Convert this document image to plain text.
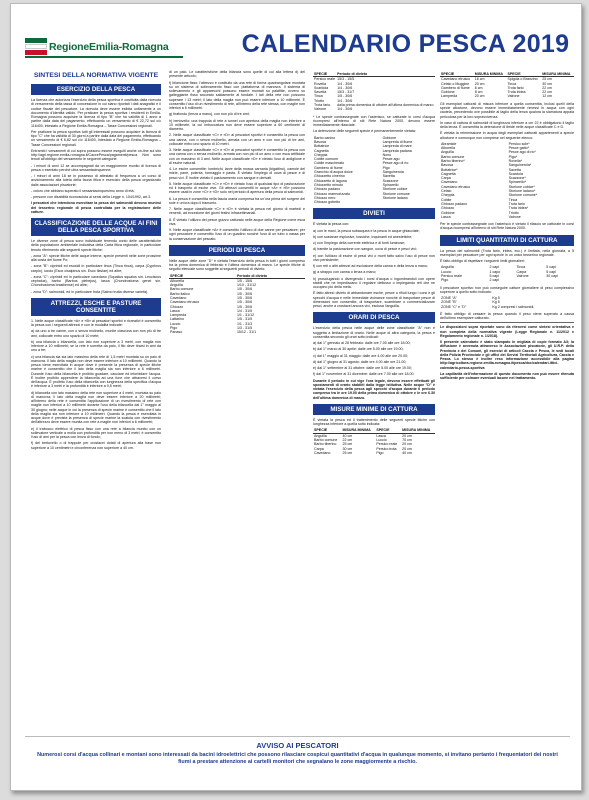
RegioneEmilia-Romagna	CALENDARIO PESCA 2019
SINTESI DELLA NORMATIVA VIGENTE
ESERCIZIO DELLA PESCA

La licenza che autorizza l'esercizio della pesca sportiva è costituita dalla ricevuta di versamento della tassa di concessione in cui siano riportati i dati anagrafici e il codice fiscale del pescatore. La ricevuta deve essere esibita unitamente a un documento d'identità valido. Per praticare la pesca sportiva i residenti in Emilia-Romagna possono acquisire la licenza di tipo "B" che ha validità di 1 anno a partire dalla data del pagamento, effettuando un versamento di € 22,72 sul c/c 116400, intestato a Regione Emilia-Romagna – Tasse Concessioni regionali.

Per praticare la pesca sportiva tutti gli interessati possono acquisire la licenza di tipo "C" che ha validità di 30 giorni a partire dalla data del pagamento, effettuando un versamento di € 6,82 sul c/c 116400, intestato a Regione Emilia-Romagna – Tasse Concessioni regionali.

Entrambi i versamenti di cui sopra possono essere eseguiti anche on-line sul sito http://agri.regione.emilia-romagna.it/CaccePesca/pagamenti/pesca. Non sono tenuti all'obbligo del versamento le seguenti categorie:

- i minori di anni 12 se accompagnati da un maggiorenne munito di licenza di pesca o esentato perché ultra sessantacinquenne;

- i minori di anni 18 se in possesso di attestato di frequenza a un corso di avvicinamento alla tutela della fauna ittica e esercizio della pesca organizzato dalle associazioni piscatorie;

- coloro che abbiano superato il sessantacinquesimo anno di età;

- persone con disabilità riconosciuta ai sensi della Legge n. 104/1992, art.3.

I pescatori che intendono esercitare la pesca dei salmonidi devono munirsi del tesserino regionale di pesca controllata per la registrazione delle catture.

CLASSIFICAZIONE DELLE ACQUE AI FINI DELLA PESCA SPORTIVA

Le diverse zone di pesca sono individuate tenendo conto delle caratteristiche della popolazione ambientale indicativa della Carta Ittica regionale, in particolare tenuto riferimento alle seguenti specie ittiche:

- zona "A": specie ittiche delle acque interne, specie presenti nelle zone prossime alla costa del fiume Po;

- zona "B": ciprinidi ed esocidi in particolare tinca (Tinca tinca), carpa (Cyprinus carpio), luccio (Esox cisalpinus sin. Esox flaviae) ed altre;

- zona "C": ciprinidi ed in particolare cavedano (Squalius squalus sin. Leuciscus cephalus), barbo (Barbus plebejus), lasca (Chondrostoma genei sin. Chondrostoma brasiliense) ed altre;

- zona "D": salmonidi, ed in particolare trota (Salmo trutta diverse varietà).

ATTREZZI, ESCHE E PASTURE CONSENTITE

1. Nelle acque classificate «A» e «B» ai pescatori sportivi e ricreativi è consentito la pesca con i seguenti attrezzi e con le modalità indicate:

a) da uno a tre canne, con o senza mulinello, munite ciascuna con non più di tre ami, collocate entro uno spazio di 10 metri;

b) una bilancia o bilancella, con lato non superiore a 3 metri, con maglia non inferiore a 10 millimetri; se la rete è sorretta da palo, il filo deve tirarsi in ami da uno a tre;

c) una bilancia sia sia lato massimo della rete di 1,5 metri montata su un palo di manovra. Il lato della maglia non deve essere inferiore a 10 millimetri. Quando la pesca viene esercitata in acque dove è presente la presenza di specie ittiche marine è consentito che il lato della maglia sia non inferiore a 6 millimetri. Durante l'uso della bilancella è proibito guadare, cacciare ed intorbidare l'acqua. È inoltre proibito appendere la bilancella ad una fune che attraversi il corso dell'acqua. È proibito l'uso della bilancella con lunghezza della specifica d'acqua è inferiore a 3 metri e la profondità è inferiore a 0,5 metri;

d) bilancella con lato massimo della rete non superiore a 4 metri, montata su palo di manovra; il lato della maglia non deve essere inferiore a 20 millimetri; all'interno della rete è consentita l'applicazione di un rivestimento di rete con maglie non inferiori a 10 millimetri durante l'uso della bilancella dal 1° maggio al 30 giugno; nelle acque in cui la presenza di specie marine è consentito che il lato della maglia sia non inferiore a 10 millimetri. Quando la pesca è esercitata in acque dove è prevista la presenza di specie marine la scatola con rivestimento dell'attrezzo deve essere munita con rete a maglie non inferiori a 6 millimetri;

e) il trabocco elettrico di pesca fisso con una rete a bilancia munito con un sollevatore verticale a molla con profondità per non meno di 3 metri; è consentito l'uso di ami per la pesca con lenza di fondo;

f) del bertovello o di trappole per crostacei dotati di apertura alla base non superiore a 10 centimetri e circonferenza non superiore a 40 cm.

di un palo. Le caratteristiche della bilancia sono quelle di cui alla lettera d) del presente articolo;

f) bilancione fisso: l'attrezzo è costituito da una rete di forma quadrangolare montata su un sistema di sollevamento fisso con piattaforma di manovra. Il sistema di sollevamento e gli apparecchi possono essere montati su palafitte, ovvero su galleggiante fisso ancorato saldamente al fondale. I lati della rete non possono superare i 13 metri; il lato della maglia non può essere inferiore a 10 millimetri. È consentito l'uso di un rivestimento di rete, all'interno della rete stessa, con maglie non inferiori a 6 millimetri.

g) tirafondo (lenza a mano), con non più di tre ami;

h) bertovello: una trappola di rete a tunnel con apertura della maglia non inferiore a 10 millimetri, la cui imboccatura non deve essere superiore a 60 centimetri di diametro.

2. Nelle acque classificate «C» e «D» ai pescatori sportivi è consentito la pesca con una canna, con o senza mulinello, armata con un amo e con non più di tre ami, collocate entro uno spazio di 10 metri.

3. Nelle acque classificate «C» e «D» ai pescatori sportivi è consentito la pesca con una canna con o senza mulinello, armata con non più di un amo o con esca artificiale con un massimo di 3 ami. Nelle acque classificate «D» è vietato l'uso di ardiglione e di esche naturali.

4. Le esche consentite: lombrichi, larve della mosca carnaria (bigattino), camole del miele, pane, polenta, formaggio e pasta. È vietato l'impiego di uova di pesce e di pesci vivi. È inoltre vietato il pasturamento con sangue e derivati.

5. Nelle acque classificate «C» e «D» è vietato l'uso di qualsiasi tipo di pasturazione ed il trasporto di esche vive. Gli attrezzi consentiti in acque «A» e «B» possono essere usati in zone «C» e «D» solo nel periodo di apertura della pesca ai salmonidi.

6. La pesca è consentita nella fascia oraria compresa tra un'ora prima del sorgere del sole e un'ora dopo il tramonto.

7. Nelle acque classificate «C» e «D» è vietata la pesca nel giorno di martedì e venerdì, ad eccezione dei giorni festivi infrasettimanali.

8. È vietato l'utilizzo del pesce guizzo catturato nelle acque della Regione come esca viva.

9. Nelle acque classificate «A» è consentito l'utilizzo di due canne per pescatore; per ogni pescatore è consentito l'uso di un guadino nonché l'uso di un tubo o nassa per la conservazione del pescato.

PERIODI DI PESCA

Nelle acque delle zone "D" è vietata l'esercizio della pesca in tutti i giorni compreso tra la prima domenica di febbraio e l'ultima domenica di marzo. Le specie ittiche di seguito elencate sono soggette ai seguenti periodi di divieto:

SPECIE	Periodo di divieto
Alborella	1/5 - 15/6
Anguilla	1/10 - 31/12
Barbo comune	1/5 - 30/6
Barbo italico	1/5 - 30/6
Cavedano	1/5 - 30/6
Cavedano etrusco	1/5 - 30/6
Ghiozzo	1/5 - 30/6
Lasca	1/4 - 31/5
Lampreda	1/1 - 31/12
Lattarino	1/5 - 31/5
Luccio	1/1 - 31/3
Pigo	1/3 - 31/5
Panaso	15/12 - 31/1
SPECIE	Periodo di divieto
Persico reale	15/3 - 15/5
Rovella	1/4 - 30/6
Scardola	1/4 - 30/6
Savetta	15/3 - 31/7
Tinca	1/5 - 30/6
Triotto	1/4 - 30/6
Trota fario	dalla prima domenica di ottobre all'ultima domenica di marzo
Vairone	1/4 - 30/6

* Le specie contrassegnate con l'asterisco, se catturate in corsi d'acqua ricompresi all'interno di siti Rete Natura 2000, devono essere immediatamente rilasciate.

La detenzione delle seguenti specie è permanentemente vietata:

Barbo canino	Gobione
Bavosa	Lampreda di fiume
Bottatrice	Lampreda di mare
Cagnetta	Lampreda padana
Cheppia	Nono
Cobite comune	Pesce ago
Cobite mascherato	Pesce ago di rio
Gambero di fiume	Pigo
Granchio di acqua dolce	Sanguinerola
Ghiozzetto cinerino	Savetta
Ghiozzetto di laguna	Scazzone
Ghiozzetto minuto	Spinarello
Ghiozzo padano	Storione cobice
Ghiozzo marmorizzato	Storione comune
Ghiozzo nero	Storione ladano
Ghiozzo gobetto	
DIVIETI

È vietata la pesca con:

a) con le mani, la pesca subacquea e la pesca in acque ghiacciate;

b) con sostanze esplosive, tossiche, inquinanti ed anestetiche;

c) con l'impiego della corrente elettrica e di fonti luminose;

d) tramite la pasturazione con sangue, uova di pesce e pesci vivi;

e) con l'utilizzo di esche di pesci vivi o morti fatto salvo l'uso di pesce non vivo persistente;

f) con reti o altri attrezzi ad esclusione della canna e della lenza a mano;

g) a strappo con canna o lenza a mano;

h) prosciugando o divergendo i corsi d'acqua o ingombrandoli con opere stabili che ne impediscano il regolare deflusso o impiegando reti che ne occupino più della metà.

È fatto altresì divieto di abbandonare esche, pesce o rifiuti lungo i corsi e gli specchi d'acqua e nelle immediate vicinanze nonché di trasportare pesce di dimensioni non consentite, di trasportare, scambiare o commercializzare pesci, anche a crostacei ancora vivi, esclusa l'anguilla.

ORARI DI PESCA

L'esercizio della pesca nelle acque delle zone classificate "A" non è soggetta a limitazione di orario. Nelle acque di altra categoria, la pesca è consentita secondo gli orari sotto indicati:

a) dal 1° gennaio al 28 febbraio: dalle ore 7.00 alle ore 18.00;

b) dal 1° marzo al 30 aprile: dalle ore 5.00 alle ore 19.00;

c) dal 1° maggio al 31 maggio: dalle ore 4.00 alle ore 20.00;

d) dal 1° giugno al 31 agosto: dalle ore 4.00 alle ore 21.00;

e) dal 1° settembre al 31 ottobre: dalle ore 5.00 alle ore 19.00;

f) dal 1° novembre al 31 dicembre: dalle ore 7.00 alle ore 18.00.

Durante il periodo in cui vige l'ora legale, devono essere effettuati gli spostamenti di orario stabiliti dalla legge istitutiva. Nelle acque "D" è vietata l'esercizio della pesca agli specchi d'acqua durante il periodo compreso tra le ore 19.00 della prima domenica di ottobre e le ore 6.30 dell'ultima domenica di marzo.

MISURE MINIME DI CATTURA

È vietata la pesca ed il trattenimento delle seguenti specie ittiche con lunghezza inferiore a quella sotto indicata:

SPECIE	MISURA MINIMA	SPECIE	MISURA MINIMA
Anguilla	40 cm	Lasca	20 cm
Barbo comune	22 cm	Luccio	70 cm
Barbo tiberino	25 cm	Persico reale	20 cm
Carpa	30 cm	Persico trota	20 cm
Cavedano	25 cm	Pigo	40 cm
SPECIE	MISURA MINIMA	SPECIE	MISURA MINIMA
Cavedano etrusco	16 cm	Spigola o Branzino	25 cm
Cefalo o Muggine	20 cm	Tinca	30 cm
Gambero di fiume	6 cm	Trota fario	22 cm
Gobione	8 cm	Trota iridea	22 cm
Lampreda	20 cm	Vairone	12 cm

Gli esemplari catturati di misura inferiore a quella consentita, inclusi quelli della specie alloctone, devono essere immediatamente rimessi in acqua con ogni cautela, precedendo ove possibile al taglio della lenza qualora la slamatura appaia pericolosa per la loro sopravvivenza.

In caso di cattura di salmonidi di lunghezza inferiore a cm 22 è obbligatorio il taglio della lenza. È consentita la detenzione di ibride nelle acque classificate C e D.

È vietata la reimmissione in acqua degli esemplari catturati appartenenti a specie alloctone e comunque non comprese nel seguente elenco:

Abramide	Persico sole*
Alborella	Pesce gatto*
Anguilla	Pesce ago di rio*
Barbo comune	Pigo*
Barbo tiberino*	Rovella*
Bavosa	Sanguinerola*
Bottatrice*	Savetta
Cagnetta	Scardola
Carpa	Scazzone*
Cavedano	Spinarello*
Cavedano etrusco	Storione cobice*
Cefalo	Storione ladano*
Cheppia	Storione comune*
Cobite	Tinca
Ghiozzo padano	Trota fario
Ghiozzo	Trota iridea*
Gobione	Triotto
Lasca	Vairone

Per le specie contrassegnate con l'asterisco è vietato il rilascio se catturate in corsi d'acqua ricompresi all'interno di siti Rete Natura 2000.

LIMITI QUANTITATIVI DI CATTURA

La pesca dei salmonidi (Trota fario, iridea, ecc.) è limitata, nella giornata, a 5 esemplari per pescatore per ogni specie in un unico tesserino regionale.

È fatto obbligo di rispettare i seguenti limiti giornalieri:

Anguilla	2 capi	Tinca	5 capi
Luccio	1 capo	Carpa	5 capi
Persico reale	5 capi	Vairone	30 capi
Pigo	2 capi		

Il pescatore sportivo non può conseguire catture giornaliere di peso complessivo superiore a quello sotto indicato:

ZONE "A"	Kg 5
ZONE "B"	Kg 5
ZONE "C" e "D"	Kg 2 compresi i salmonidi.

È fatto obbligo di cessare la pesca quando il peso viene superato a causa dell'ultimo esemplare catturato.

Le disposizioni sopra riportate sono da ritenersi come sintesi orientativa e non completa della normativa vigente (Legge Regionale n. 11/2012 e Regolamento regionale n. 1/2018).

Il presente calendario è stato stampato in migliaia di copie formato A3; la diffusione è avvenuta attraverso le Associazioni piscatorie, gli U.R.P. della Provincia e dei Comuni, gli esercizi di articoli Caccia e Pesca, le sedi locali della Polizia Provinciale e gli uffici dei Servizi Territoriali Agricoltura, Caccia e Pesca. Lo stesso è inoltre reso informazione accessibile alla pagina http://agricoltura.regione.emilia-romagna.it/pesca/doc/calendari-ittici-calendario-pesca-sportiva

La capillarità dell'informazione di questo documento non può essere ritenuta sufficiente per colmare eventuali lacune nel trattamento.

AVVISO AI PESCATORI
Numerosi corsi d'acqua collinari e montani sono interessati da bacini idroelettrici che possono rilasciare cospicui quantitativi d'acqua in qualunque momento, si invitano pertanto i frequentatori dei nostri fiumi a prestare attenzione ai cartelli monitori che segnalano le zone maggiormente a rischio.
